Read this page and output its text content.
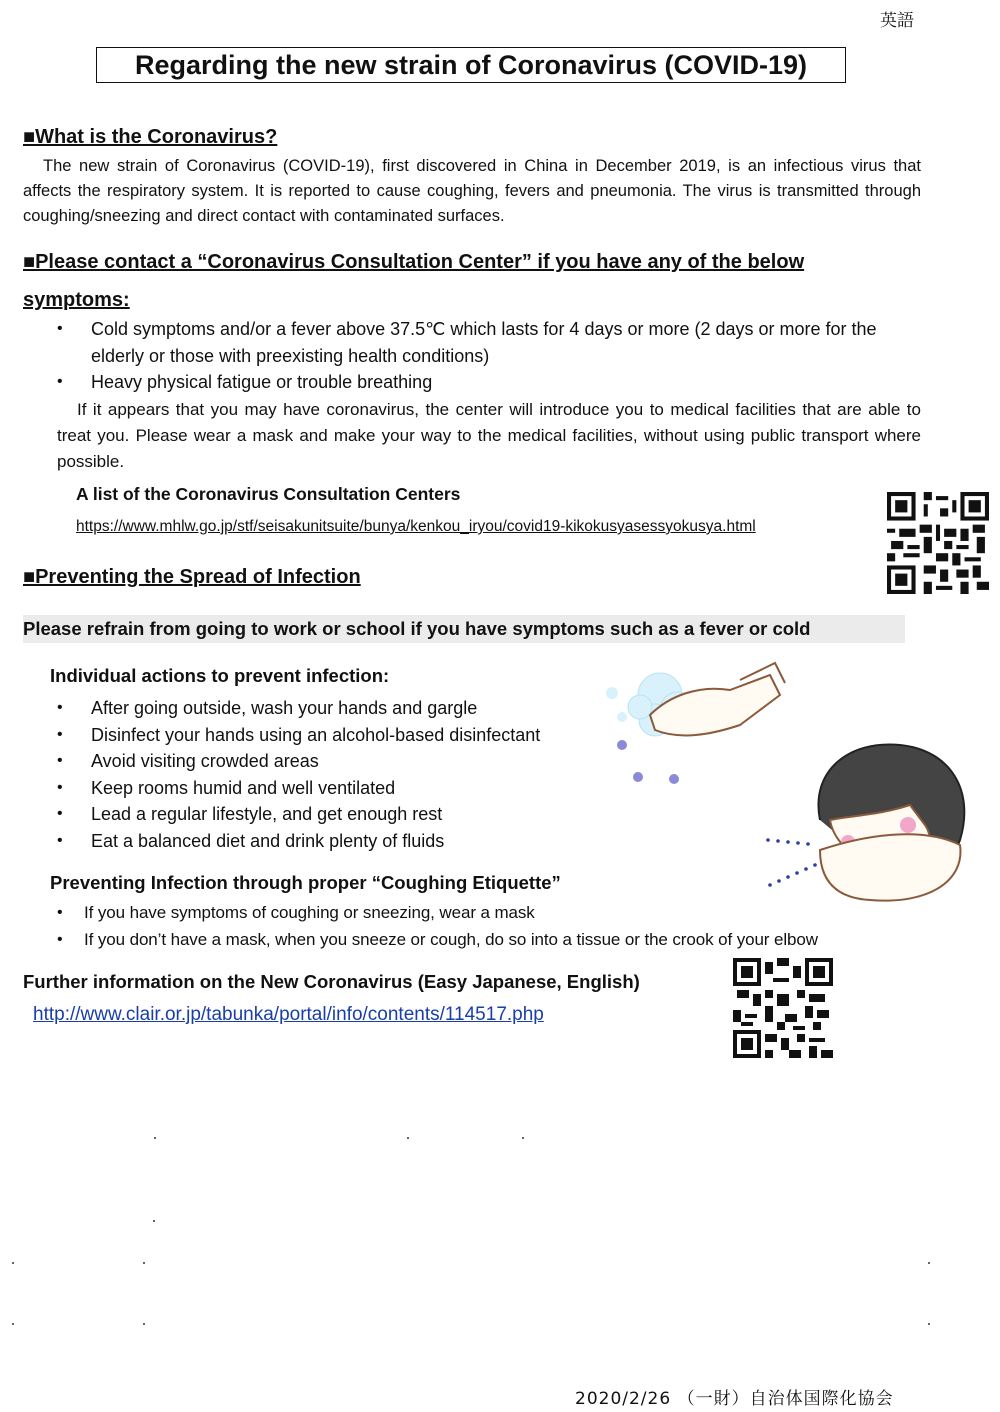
英語
Regarding the new strain of Coronavirus (COVID-19)
■What is the Coronavirus?
The new strain of Coronavirus (COVID-19), first discovered in China in December 2019, is an infectious virus that affects the respiratory system. It is reported to cause coughing, fevers and pneumonia. The virus is transmitted through coughing/sneezing and direct contact with contaminated surfaces.
■Please contact a “Coronavirus Consultation Center” if you have any of the below
symptoms:
• Cold symptoms and/or a fever above 37.5℃ which lasts for 4 days or more (2 days or more for the elderly or those with preexisting health conditions)
• Heavy physical fatigue or trouble breathing
If it appears that you may have coronavirus, the center will introduce you to medical facilities that are able to treat you. Please wear a mask and make your way to the medical facilities, without using public transport where possible.
A list of the Coronavirus Consultation Centers
https://www.mhlw.go.jp/stf/seisakunitsuite/bunya/kenkou_iryou/covid19-kikokusyasessyokusya.html
■Preventing the Spread of Infection
Please refrain from going to work or school if you have symptoms such as a fever or cold
Individual actions to prevent infection:
• After going outside, wash your hands and gargle
• Disinfect your hands using an alcohol-based disinfectant
• Avoid visiting crowded areas
• Keep rooms humid and well ventilated
• Lead a regular lifestyle, and get enough rest
• Eat a balanced diet and drink plenty of fluids
Preventing Infection through proper “Coughing Etiquette”
• If you have symptoms of coughing or sneezing, wear a mask
• If you don’t have a mask, when you sneeze or cough, do so into a tissue or the crook of your elbow
Further information on the New Coronavirus (Easy Japanese, English)
http://www.clair.or.jp/tabunka/portal/info/contents/114517.php
2020/2/26 （一財）自治体国際化協会
